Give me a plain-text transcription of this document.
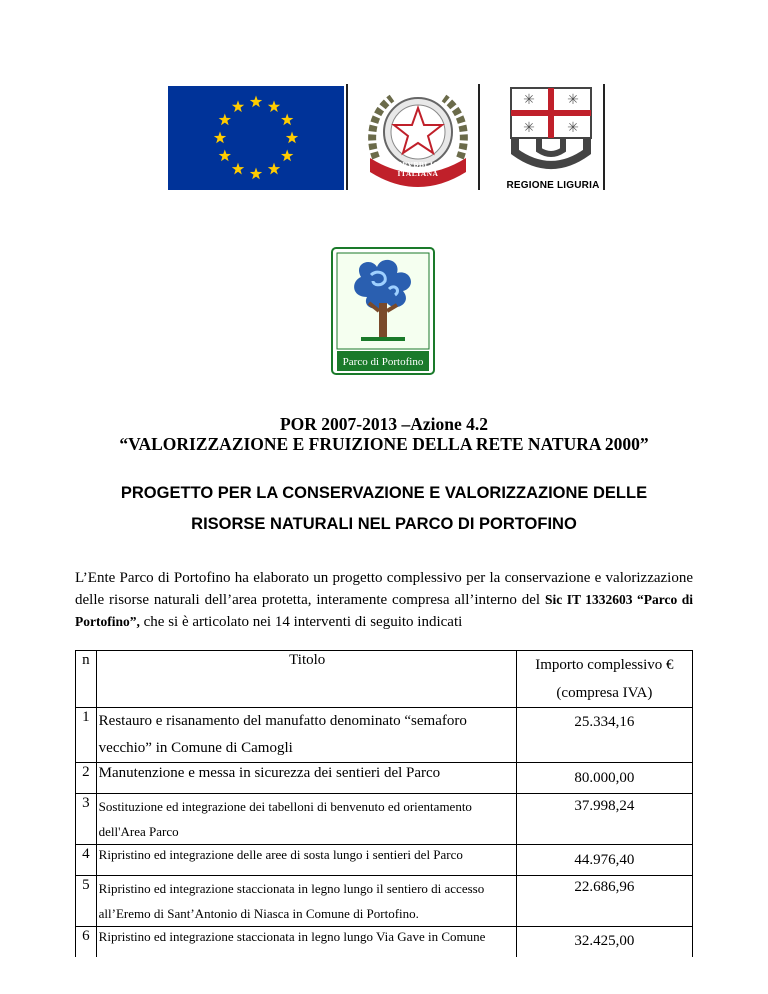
REPVBBLICA ITALIANA
✳ ✳
✳ ✳
REGIONE LIGURIA
Parco di Portofino
POR 2007-2013 –Azione 4.2
“VALORIZZAZIONE E FRUIZIONE DELLA RETE NATURA 2000”
PROGETTO PER LA CONSERVAZIONE E VALORIZZAZIONE DELLE
RISORSE NATURALI NEL PARCO DI PORTOFINO
L’Ente Parco di Portofino ha elaborato un progetto complessivo per la conservazione e valorizzazione delle risorse naturali dell’area protetta, interamente compresa all’interno del Sic IT 1332603 “Parco di Portofino”, che si è articolato nei 14 interventi di seguito indicati
n	Titolo	Importo complessivo €
(compresa IVA)
1	Restauro e risanamento del manufatto denominato “semaforo vecchio” in Comune di Camogli	25.334,16
2	Manutenzione e messa in sicurezza dei sentieri del Parco	80.000,00
3	Sostituzione ed integrazione dei tabelloni di benvenuto ed orientamento dell'Area Parco	37.998,24
4	Ripristino ed integrazione delle aree di sosta lungo i sentieri del Parco	44.976,40
5	Ripristino ed integrazione staccionata in legno lungo il sentiero di accesso all’Eremo di Sant’Antonio di Niasca in Comune di Portofino.	22.686,96
6	Ripristino ed integrazione staccionata in legno lungo Via Gave in Comune	32.425,00
